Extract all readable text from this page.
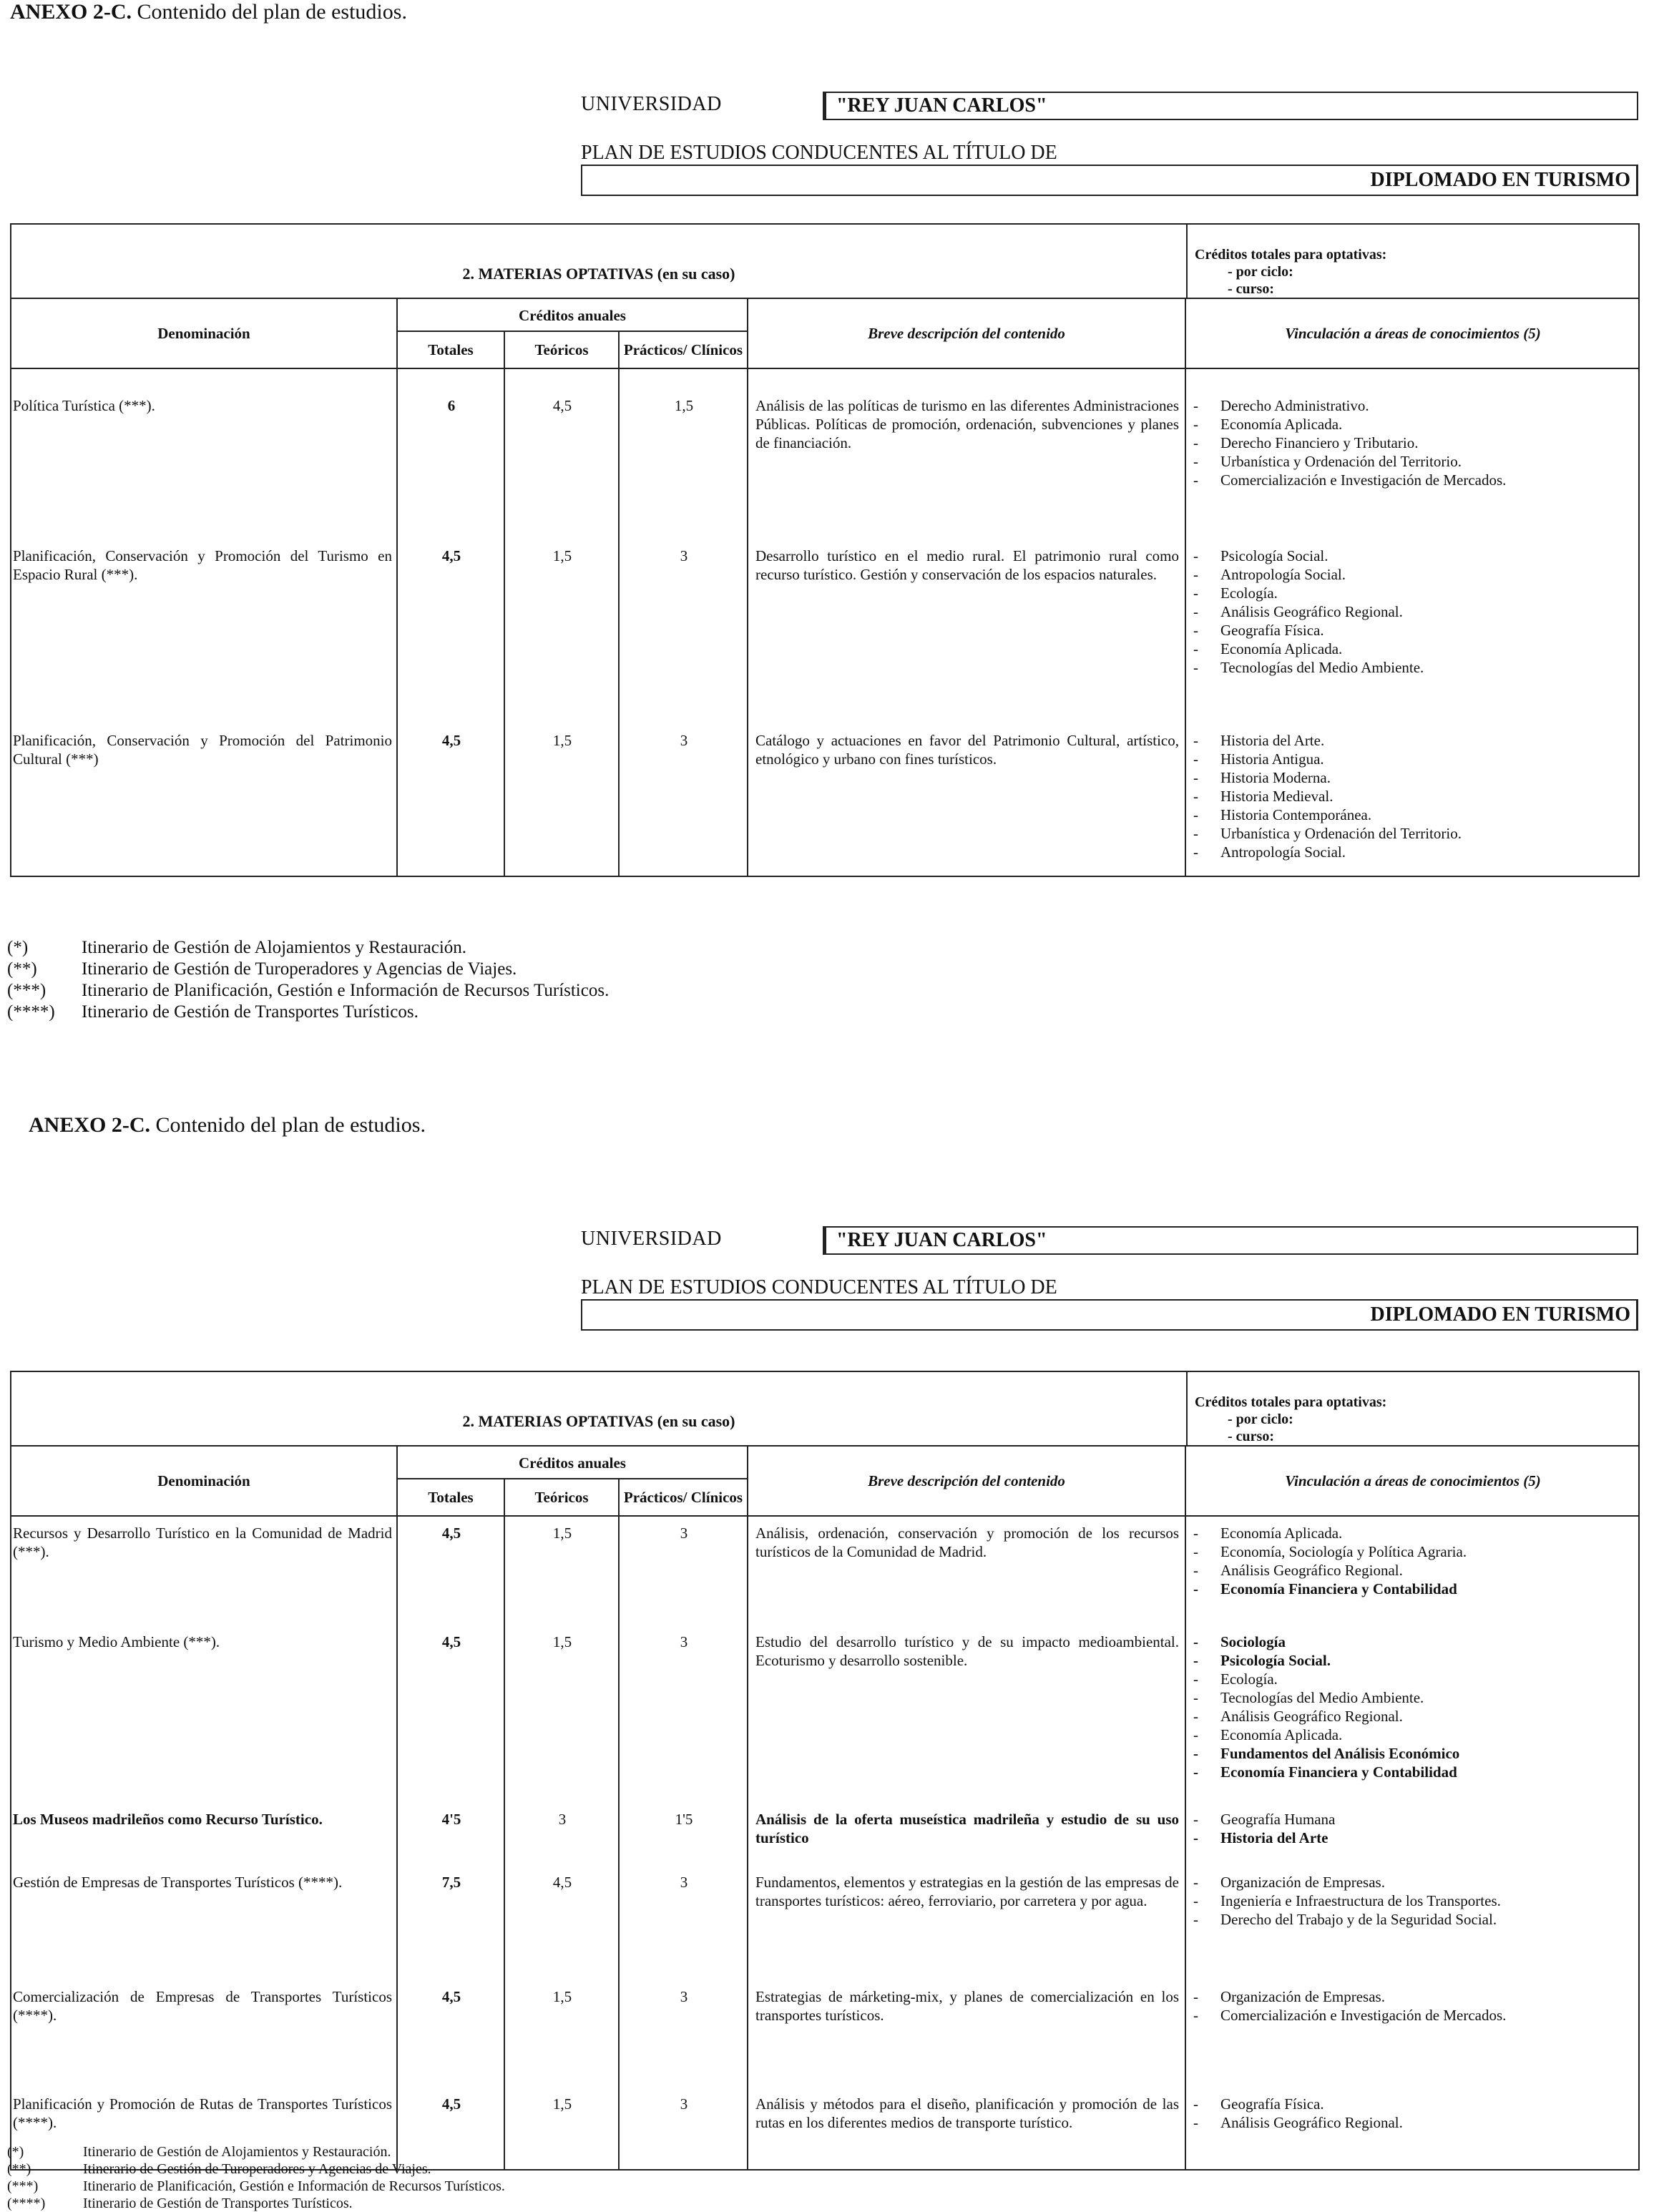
ANEXO 2-C. Contenido del plan de estudios.
UNIVERSIDAD	"REY JUAN CARLOS"
PLAN DE ESTUDIOS CONDUCENTES AL TÍTULO DE
DIPLOMADO EN TURISMO
2. MATERIAS OPTATIVAS (en su caso)
Créditos totales para optativas:
- por ciclo:
- curso:
Denominación
Créditos anuales
Totales	Teóricos	Prácticos/ Clínicos
Breve descripción del contenido	Vinculación a áreas de conocimientos (5)
Política Turística (***).	6	4,5	1,5	Análisis de las políticas de turismo en las diferentes Administraciones Públicas. Políticas de promoción, ordenación, subvenciones y planes de financiación.
- Derecho Administrativo.
- Economía Aplicada.
- Derecho Financiero y Tributario.
- Urbanística y Ordenación del Territorio.
- Comercialización e Investigación de Mercados.
Planificación, Conservación y Promoción del Turismo en Espacio Rural (***).
4,5	1,5	3	Desarrollo turístico en el medio rural. El patrimonio rural como recurso turístico. Gestión y conservación de los espacios naturales.
- Psicología Social.
- Antropología Social.
- Ecología.
- Análisis Geográfico Regional.
- Geografía Física.
- Economía Aplicada.
- Tecnologías del Medio Ambiente.
Planificación, Conservación y Promoción del Patrimonio Cultural (***)
4,5	1,5	3	Catálogo y actuaciones en favor del Patrimonio Cultural, artístico, etnológico y urbano con fines turísticos.
- Historia del Arte.
- Historia Antigua.
- Historia Moderna.
- Historia Medieval.
- Historia Contemporánea.
- Urbanística y Ordenación del Territorio.
- Antropología Social.
(*)	Itinerario de Gestión de Alojamientos y Restauración.
(**) Itinerario de Gestión de Turoperadores y Agencias de Viajes.
(***) Itinerario de Planificación, Gestión e Información de Recursos Turísticos.
(****) Itinerario de Gestión de Transportes Turísticos.
ANEXO 2-C. Contenido del plan de estudios.
UNIVERSIDAD	"REY JUAN CARLOS"
PLAN DE ESTUDIOS CONDUCENTES AL TÍTULO DE
DIPLOMADO EN TURISMO
2. MATERIAS OPTATIVAS (en su caso)
Créditos totales para optativas:
- por ciclo:
- curso:
Denominación
Créditos anuales
Totales	Teóricos	Prácticos/ Clínicos
Breve descripción del contenido	Vinculación a áreas de conocimientos (5)
Recursos y Desarrollo Turístico en la Comunidad de Madrid (***).
4,5	1,5	3	Análisis, ordenación, conservación y promoción de los recursos turísticos de la Comunidad de Madrid.
- Economía Aplicada.
- Economía, Sociología y Política Agraria.
- Análisis Geográfico Regional.
- Economía Financiera y Contabilidad
Turismo y Medio Ambiente (***).	4,5	1,5	3	Estudio del desarrollo turístico y de su impacto medioambiental. Ecoturismo y desarrollo sostenible.
- Sociología
- Psicología Social.
- Ecología.
- Tecnologías del Medio Ambiente.
- Análisis Geográfico Regional.
- Economía Aplicada.
- Fundamentos del Análisis Económico
- Economía Financiera y Contabilidad
Los Museos madrileños como Recurso Turístico.	4'5	3	1'5	Análisis de la oferta museística madrileña y estudio de su uso turístico
- Geografía Humana
- Historia del Arte
Gestión de Empresas de Transportes Turísticos (****).	7,5	4,5	3	Fundamentos, elementos y estrategias en la gestión de las empresas de transportes turísticos: aéreo, ferroviario, por carretera y por agua.
- Organización de Empresas.
- Ingeniería e Infraestructura de los Transportes.
- Derecho del Trabajo y de la Seguridad Social.
Comercialización de Empresas de Transportes Turísticos (****).
4,5	1,5	3	Estrategias de márketing-mix, y planes de comercialización en los transportes turísticos.
- Organización de Empresas.
- Comercialización e Investigación de Mercados.
Planificación y Promoción de Rutas de Transportes Turísticos (****).
4,5	1,5	3	Análisis y métodos para el diseño, planificación y promoción de las rutas en los diferentes medios de transporte turístico.
- Geografía Física.
- Análisis Geográfico Regional.
(*)	Itinerario de Gestión de Alojamientos y Restauración.
(**)	Itinerario de Gestión de Turoperadores y Agencias de Viajes.
(***)	Itinerario de Planificación, Gestión e Información de Recursos Turísticos.
(****)	Itinerario de Gestión de Transportes Turísticos.
